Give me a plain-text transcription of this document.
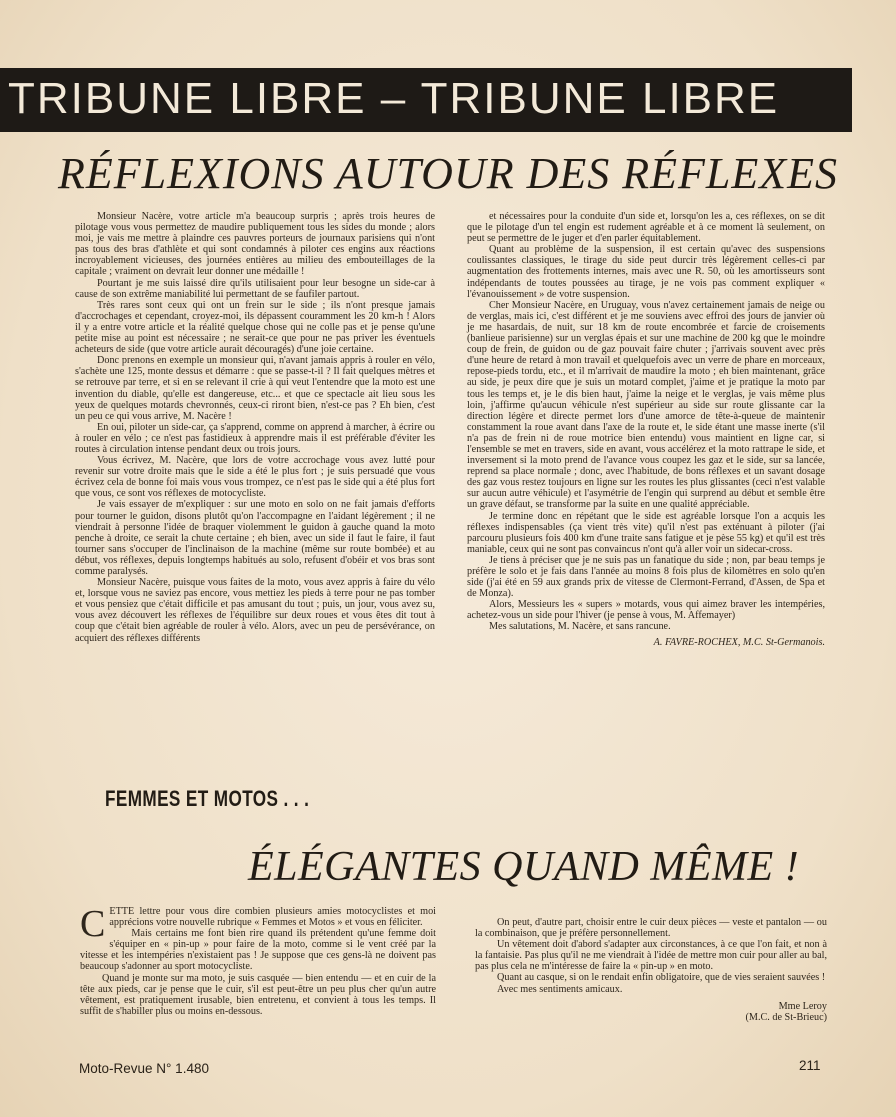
TRIBUNE LIBRE – TRIBUNE LIBRE
RÉFLEXIONS AUTOUR DES RÉFLEXES

Monsieur Nacère, votre article m'a beaucoup surpris ; après trois heures de pilotage vous vous permettez de maudire publiquement tous les sides du monde ; alors moi, je vais me mettre à plaindre ces pauvres porteurs de journaux parisiens qui n'ont pas tous des bras d'athlète et qui sont condamnés à piloter ces engins aux réactions incroyablement vicieuses, des journées entières au milieu des embouteillages de la capitale ; vraiment on devrait leur donner une médaille !

Pourtant je me suis laissé dire qu'ils utilisaient pour leur besogne un side-car à cause de son extrême maniabilité lui permettant de se faufiler partout.

Très rares sont ceux qui ont un frein sur le side ; ils n'ont presque jamais d'accrochages et cependant, croyez-moi, ils dépassent couramment les 20 km-h ! Alors il y a entre votre article et la réalité quelque chose qui ne colle pas et je pense qu'une petite mise au point est nécessaire ; ne serait-ce que pour ne pas priver les éventuels acheteurs de side (que votre article aurait découragés) d'une joie certaine.

Donc prenons en exemple un monsieur qui, n'avant jamais appris à rouler en vélo, s'achète une 125, monte dessus et démarre : que se passe-t-il ? Il fait quelques mètres et se retrouve par terre, et si en se relevant il crie à qui veut l'entendre que la moto est une invention du diable, qu'elle est dangereuse, etc... et que ce spectacle ait lieu sous les yeux de quelques motards chevronnés, ceux-ci riront bien, n'est-ce pas ? Eh bien, c'est un peu ce qui vous arrive, M. Nacère !

En oui, piloter un side-car, ça s'apprend, comme on apprend à marcher, à écrire ou à rouler en vélo ; ce n'est pas fastidieux à apprendre mais il est préférable d'éviter les routes à circulation intense pendant deux ou trois jours.

Vous écrivez, M. Nacère, que lors de votre accrochage vous avez lutté pour revenir sur votre droite mais que le side a été le plus fort ; je suis persuadé que vous écrivez cela de bonne foi mais vous vous trompez, ce n'est pas le side qui a été plus fort que vous, ce sont vos réflexes de motocycliste.

Je vais essayer de m'expliquer : sur une moto en solo on ne fait jamais d'efforts pour tourner le guidon, disons plutôt qu'on l'accompagne en l'aidant légèrement ; il ne viendrait à personne l'idée de braquer violemment le guidon à gauche quand la moto penche à droite, ce serait la chute certaine ; eh bien, avec un side il faut le faire, il faut tourner sans s'occuper de l'inclinaison de la machine (même sur route bombée) et au début, vos réflexes, depuis longtemps habitués au solo, refusent d'obéir et vos bras sont comme paralysés.

Monsieur Nacère, puisque vous faites de la moto, vous avez appris à faire du vélo et, lorsque vous ne saviez pas encore, vous mettiez les pieds à terre pour ne pas tomber et vous pensiez que c'était difficile et pas amusant du tout ; puis, un jour, vous avez su, vous avez découvert les réflexes de l'équilibre sur deux roues et vous êtes dit tout à coup que c'était bien agréable de rouler à vélo. Alors, avec un peu de persévérance, on acquiert des réflexes différents

et nécessaires pour la conduite d'un side et, lorsqu'on les a, ces réflexes, on se dit que le pilotage d'un tel engin est rudement agréable et à ce moment là seulement, on peut se permettre de le juger et d'en parler équitablement.

Quant au problème de la suspension, il est certain qu'avec des suspensions coulissantes classiques, le tirage du side peut durcir très légèrement celles-ci par augmentation des frottements internes, mais avec une R. 50, où les amortisseurs sont indépendants de toutes poussées au tirage, je ne vois pas comment expliquer « l'évanouissement » de votre suspension.

Cher Monsieur Nacère, en Uruguay, vous n'avez certainement jamais de neige ou de verglas, mais ici, c'est différent et je me souviens avec effroi des jours de janvier où je me hasardais, de nuit, sur 18 km de route encombrée et farcie de croisements (banlieue parisienne) sur un verglas épais et sur une machine de 200 kg que le moindre coup de frein, de guidon ou de gaz pouvait faire chuter ; j'arrivais souvent avec près d'une heure de retard à mon travail et quelquefois avec un verre de phare en morceaux, repose-pieds tordu, etc., et il m'arrivait de maudire la moto ; eh bien maintenant, grâce au side, je peux dire que je suis un motard complet, j'aime et je pratique la moto par tous les temps et, je le dis bien haut, j'aime la neige et le verglas, je vais même plus loin, j'affirme qu'aucun véhicule n'est supérieur au side sur route glissante car la direction légère et directe permet lors d'une amorce de tête-à-queue de maintenir constamment la roue avant dans l'axe de la route et, le side étant une masse inerte (s'il n'a pas de frein ni de roue motrice bien entendu) vous maintient en ligne car, si l'ensemble se met en travers, side en avant, vous accélérez et la moto rattrape le side, et inversement si la moto prend de l'avance vous coupez les gaz et le side, sur sa lancée, reprend sa place normale ; donc, avec l'habitude, de bons réflexes et un savant dosage des gaz vous restez toujours en ligne sur les routes les plus glissantes (ceci n'est valable sur aucun autre véhicule) et l'asymétrie de l'engin qui surprend au début et semble être un grave défaut, se transforme par la suite en une qualité appréciable.

Je termine donc en répétant que le side est agréable lorsque l'on a acquis les réflexes indispensables (ça vient très vite) qu'il n'est pas exténuant à piloter (j'ai parcouru plusieurs fois 400 km d'une traite sans fatigue et je pèse 55 kg) et qu'il est très maniable, ceux qui ne sont pas convaincus n'ont qu'à aller voir un sidecar-cross.

Je tiens à préciser que je ne suis pas un fanatique du side ; non, par beau temps je préfère le solo et je fais dans l'année au moins 8 fois plus de kilomètres en solo qu'en side (j'ai été en 59 aux grands prix de vitesse de Clermont-Ferrand, d'Assen, de Spa et de Monza).

Alors, Messieurs les « supers » motards, vous qui aimez braver les intempéries, achetez-vous un side pour l'hiver (je pense à vous, M. Affemayer)

Mes salutations, M. Nacère, et sans rancune.

A. FAVRE-ROCHEX, M.C. St-Germanois.

FEMMES ET MOTOS . . .
ÉLÉGANTES QUAND MÊME !

CETTE lettre pour vous dire combien plusieurs amies motocyclistes et moi apprécions votre nouvelle rubrique « Femmes et Motos » et vous en féliciter.

Mais certains me font bien rire quand ils prétendent qu'une femme doit s'équiper en « pin-up » pour faire de la moto, comme si le vent créé par la vitesse et les intempéries n'existaient pas ! Je suppose que ces gens-là ne doivent pas beaucoup s'adonner au sport motocycliste.

Quand je monte sur ma moto, je suis casquée — bien entendu — et en cuir de la tête aux pieds, car je pense que le cuir, s'il est peut-être un peu plus cher qu'un autre vêtement, est pratiquement irusable, bien entretenu, et convient à tous les temps. Il suffit de s'habiller plus ou moins en-dessous.

On peut, d'autre part, choisir entre le cuir deux pièces — veste et pantalon — ou la combinaison, que je préfère personnellement.

Un vêtement doit d'abord s'adapter aux circonstances, à ce que l'on fait, et non à la fantaisie. Pas plus qu'il ne me viendrait à l'idée de mettre mon cuir pour aller au bal, pas plus cela ne m'intéresse de faire la « pin-up » en moto.

Quant au casque, si on le rendait enfin obligatoire, que de vies seraient sauvées !

Avec mes sentiments amicaux.

Mme Leroy
(M.C. de St-Brieuc)

Moto-Revue N° 1.480	211
